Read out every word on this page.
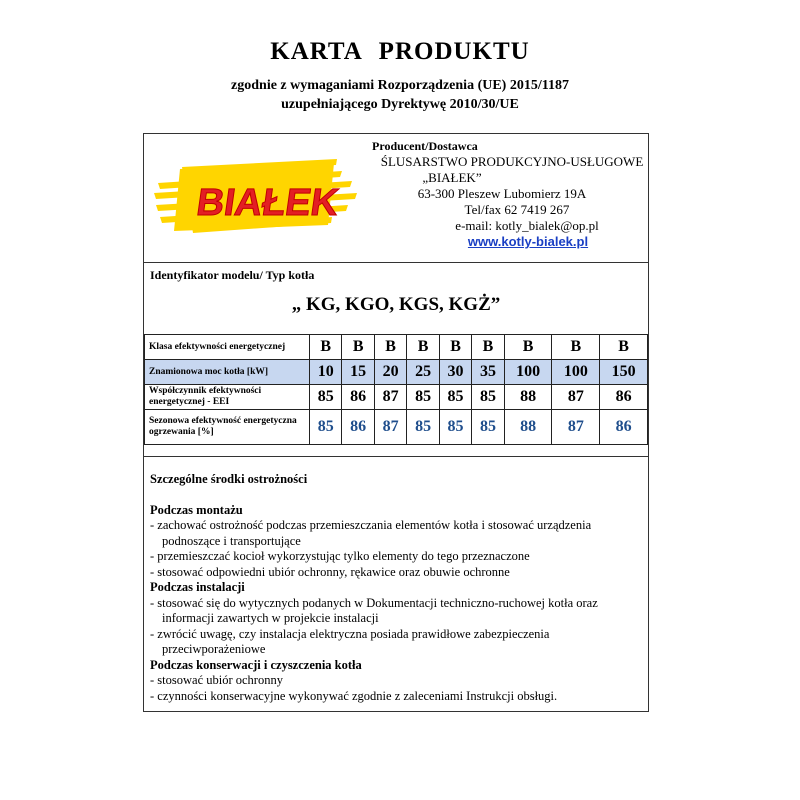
KARTA PRODUKTU
zgodnie z wymaganiami Rozporządzenia (UE) 2015/1187
uzupełniającego Dyrektywę 2010/30/UE
BIAŁEK
Producent/Dostawca
ŚLUSARSTWO PRODUKCYJNO-USŁUGOWE
„BIAŁEK”
63-300 Pleszew Lubomierz 19A
Tel/fax 62 7419 267
e-mail: kotly_bialek@op.pl
www.kotly-bialek.pl
Identyfikator modelu/ Typ kotła
„ KG, KGO, KGS, KGŻ”
Klasa efektywności energetycznej	B	B	B	B	B	B	B	B	B
Znamionowa moc kotła [kW]	10	15	20	25	30	35	100	100	150
Współczynnik efektywności energetycznej - EEI	85	86	87	85	85	85	88	87	86
Sezonowa efektywność energetyczna ogrzewania [%]	85	86	87	85	85	85	88	87	86
Szczególne środki ostrożności
Podczas montażu
- zachować ostrożność podczas przemieszczania elementów kotła i stosować urządzenia
podnoszące i transportujące
- przemieszczać kocioł wykorzystując tylko elementy do tego przeznaczone
- stosować odpowiedni ubiór ochronny, rękawice oraz obuwie ochronne
Podczas instalacji
- stosować się do wytycznych podanych w Dokumentacji techniczno-ruchowej kotła oraz
informacji zawartych w projekcie instalacji
- zwrócić uwagę, czy instalacja elektryczna posiada prawidłowe zabezpieczenia
przeciwporażeniowe
Podczas konserwacji i czyszczenia kotła
- stosować ubiór ochronny
- czynności konserwacyjne wykonywać zgodnie z zaleceniami Instrukcji obsługi.
